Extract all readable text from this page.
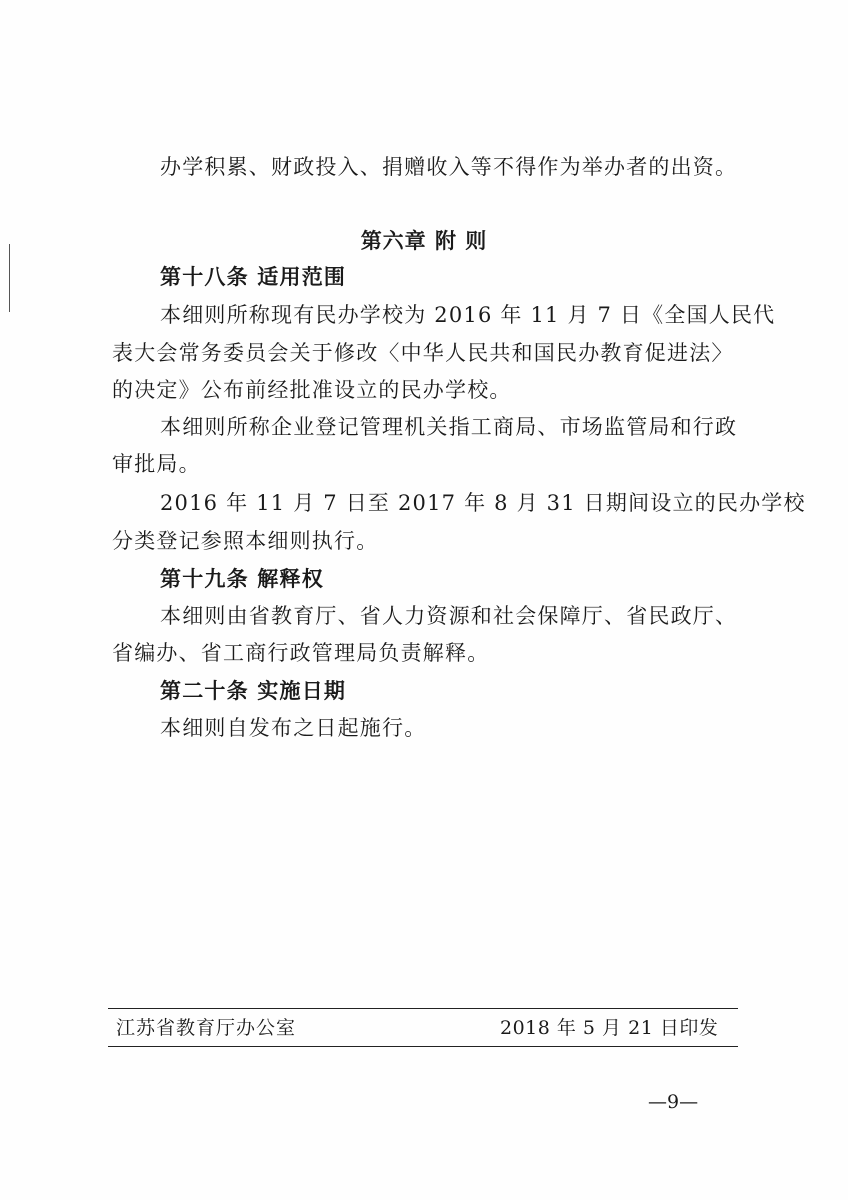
办学积累、财政投入、捐赠收入等不得作为举办者的出资。
第六章 附 则
第十八条 适用范围
本细则所称现有民办学校为 2016 年 11 月 7 日《全国人民代
表大会常务委员会关于修改〈中华人民共和国民办教育促进法〉
的决定》公布前经批准设立的民办学校。
本细则所称企业登记管理机关指工商局、市场监管局和行政
审批局。
2016 年 11 月 7 日至 2017 年 8 月 31 日期间设立的民办学校
分类登记参照本细则执行。
第十九条 解释权
本细则由省教育厅、省人力资源和社会保障厅、省民政厅、
省编办、省工商行政管理局负责解释。
第二十条 实施日期
本细则自发布之日起施行。
江苏省教育厅办公室	2018 年 5 月 21 日印发
—9—
